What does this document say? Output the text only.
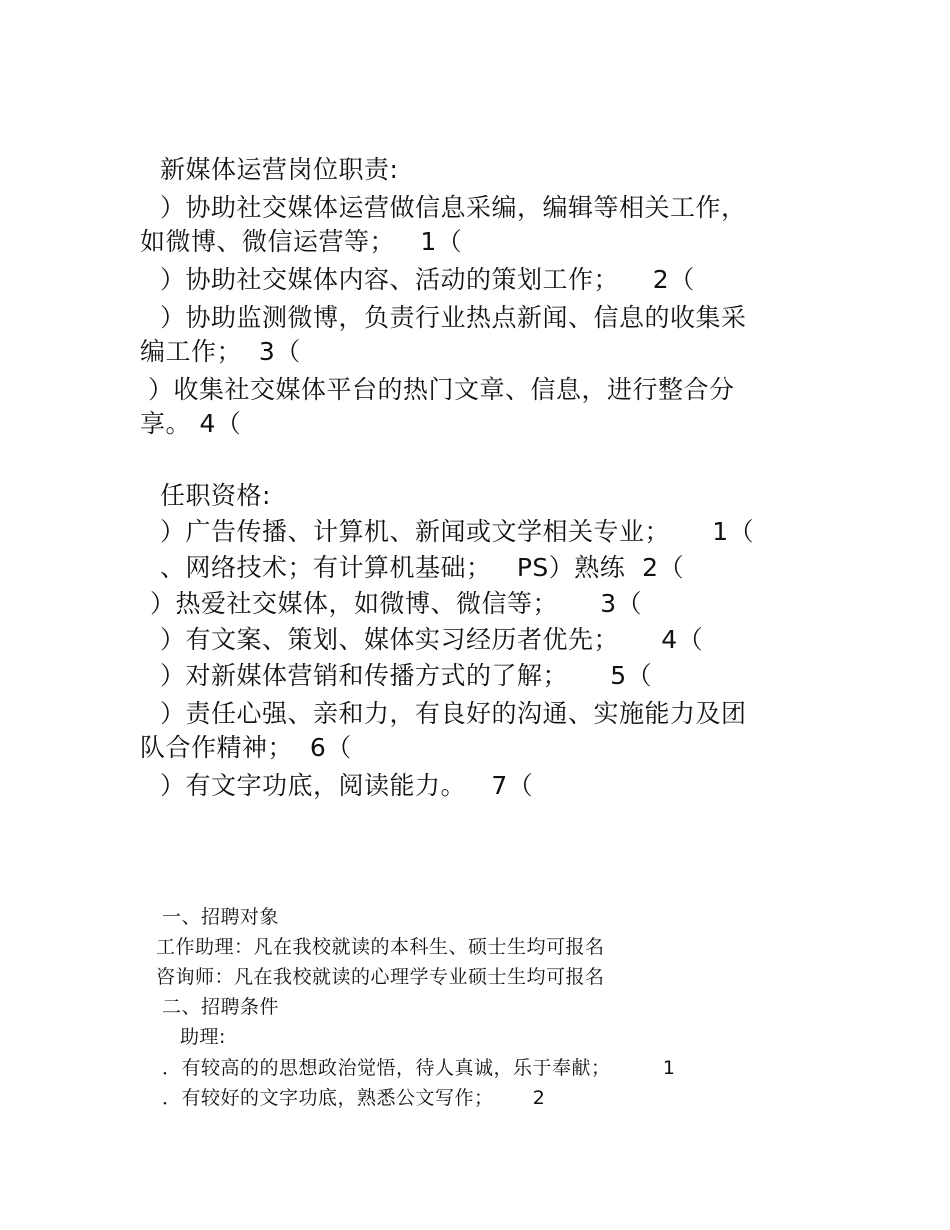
新媒体运营岗位职责:
）协助社交媒体运营做信息采编，编辑等相关工作，
如微博、微信运营等；   1（
）协助社交媒体内容、活动的策划工作；    2（
）协助监测微博，负责行业热点新闻、信息的收集采
编工作；  3（
）收集社交媒体平台的热门文章、信息，进行整合分
享。 4（
任职资格:
）广告传播、计算机、新闻或文学相关专业；     1（
、网络技术；有计算机基础；   PS）熟练  2（
）热爱社交媒体，如微博、微信等；     3（
）有文案、策划、媒体实习经历者优先；     4（
）对新媒体营销和传播方式的了解；     5（
）责任心强、亲和力，有良好的沟通、实施能力及团
队合作精神；  6（
）有文字功底，阅读能力。   7（
一、招聘对象
工作助理：凡在我校就读的本科生、硕士生均可报名
咨询师：凡在我校就读的心理学专业硕士生均可报名
二、招聘条件
助理:
．有较高的的思想政治觉悟，待人真诚，乐于奉献；        1
．有较好的文字功底，熟悉公文写作；      2
